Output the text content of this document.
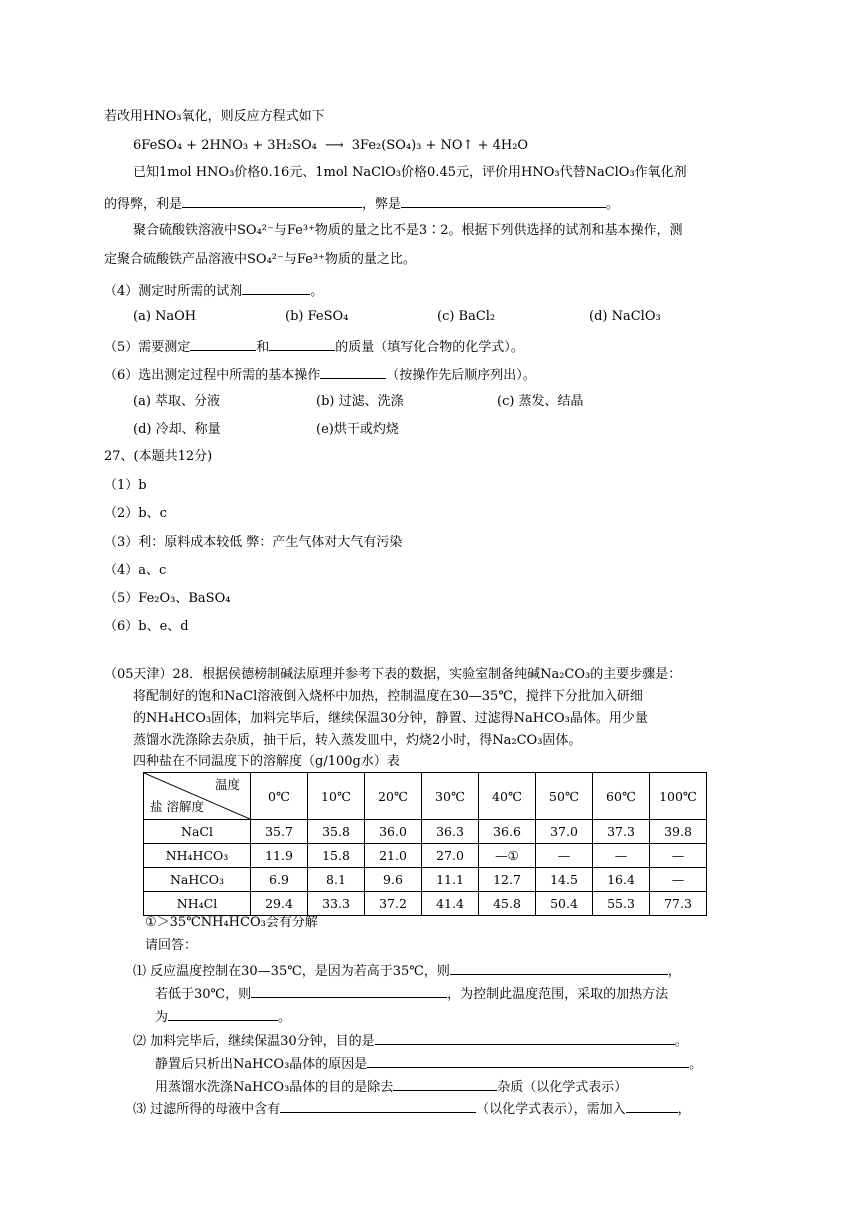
若改用HNO₃氧化，则反应方程式如下
6FeSO₄ + 2HNO₃ + 3H₂SO₄ ⟶ 3Fe₂(SO₄)₃ + NO↑ + 4H₂O
已知1mol HNO₃价格0.16元、1mol NaClO₃价格0.45元，评价用HNO₃代替NaClO₃作氧化剂
的得弊，利是	，弊是	。
聚合硫酸铁溶液中SO₄²⁻与Fe³⁺物质的量之比不是3∶2。根据下列供选择的试剂和基本操作，测
定聚合硫酸铁产品溶液中SO₄²⁻与Fe³⁺物质的量之比。
（4）测定时所需的试剂	。
(a) NaOH	(b) FeSO₄	(c) BaCl₂	(d) NaClO₃
（5）需要测定	和	的质量（填写化合物的化学式）。
（6）选出测定过程中所需的基本操作	（按操作先后顺序列出）。
(a) 萃取、分液	(b) 过滤、洗涤	(c) 蒸发、结晶
(d) 冷却、称量	(e)烘干或灼烧
27、(本题共12分)
（1）b
（2）b、c
（3）利：原料成本较低 弊：产生气体对大气有污染
（4）a、c
（5）Fe₂O₃、BaSO₄
（6）b、e、d
（05天津）28．根据侯德榜制碱法原理并参考下表的数据，实验室制备纯碱Na₂CO₃的主要步骤是：
将配制好的饱和NaCl溶液倒入烧杯中加热，控制温度在30—35℃，搅拌下分批加入研细
的NH₄HCO₃固体，加料完毕后，继续保温30分钟，静置、过滤得NaHCO₃晶体。用少量
蒸馏水洗涤除去杂质，抽干后，转入蒸发皿中，灼烧2小时，得Na₂CO₃固体。
四种盐在不同温度下的溶解度（g/100g水）表
温度
盐 溶解度	0℃	10℃	20℃	30℃	40℃	50℃	60℃	100℃
NaCl	35.7	35.8	36.0	36.3	36.6	37.0	37.3	39.8
NH₄HCO₃	11.9	15.8	21.0	27.0	—①	—	—	—
NaHCO₃	6.9	8.1	9.6	11.1	12.7	14.5	16.4	—
NH₄Cl	29.4	33.3	37.2	41.4	45.8	50.4	55.3	77.3
①＞35℃NH₄HCO₃会有分解
请回答：
⑴ 反应温度控制在30—35℃，是因为若高于35℃，则	，
若低于30℃，则	，为控制此温度范围，采取的加热方法
为	。
⑵ 加料完毕后，继续保温30分钟，目的是	。
静置后只析出NaHCO₃晶体的原因是	。
用蒸馏水洗涤NaHCO₃晶体的目的是除去	杂质（以化学式表示）
⑶ 过滤所得的母液中含有	（以化学式表示），需加入	，
